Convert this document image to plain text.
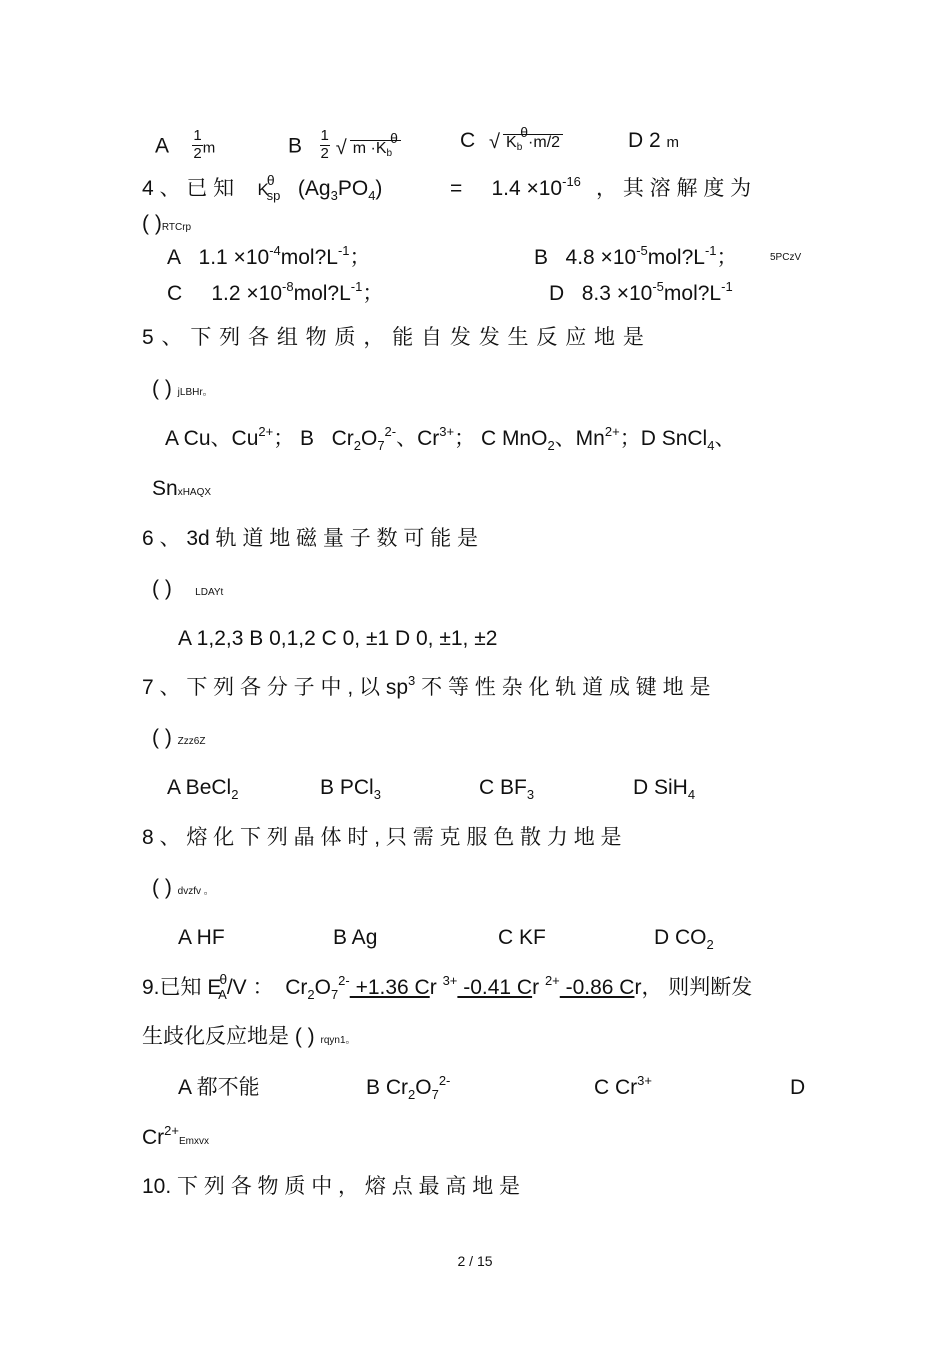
A $\frac{1}{2}$ m	B $\frac{1}{2}$ √ m ·Kbθ	C √ Kbθ·m/2	D 2 m
4 、 已 知 $K^\theta_{sp}$ $(Ag_3PO_4)$	= $1.4 \times 10^{-16}$ ， 其 溶 解 度 为
( )RTCrp
A $1.1 \times 10^{-4}mol?L^{-1}$；	B $4.8 \times 10^{-5}mol?L^{-1}$；	5PCzV
C $1.2 \times 10^{-8}mol?L^{-1}$；	D $8.3 \times 10^{-5}mol?L^{-1}$
5 、 下 列 各 组 物 质 ， 能 自 发 发 生 反 应 地 是
( ) jLBHr。
A Cu、$Cu^{2+}$； B $Cr_2O_7^{2-}$、$Cr^{3+}$； C MnO$_2$、$Mn^{2+}$；D SnCl$_4$、
SnxHAQX
6 、 3d 轨 道 地 磁 量 子 数 可 能 是
( ) LDAYt
A 1,2,3 B 0,1,2 C 0, ±1 D 0, ±1, ±2
7 、 下 列 各 分 子 中 , 以 $sp^3$ 不 等 性 杂 化 轨 道 成 键 地 是
( ) Zzz6Z
A BeCl$_2$	B PCl$_3$	C $BF_3$	D SiH$_4$
8 、 熔 化 下 列 晶 体 时 , 只 需 克 服 色 散 力 地 是
( ) dvzfv 。
A HF	B Ag	C KF	D $CO_2$
9.已知 $E^\theta_A/V$ ： $Cr_2O_7^{2-} +1.36$ Cr $^{3+}$ -0.41 Cr $^{2+}$ -0.86 Cr， 则判断发
生歧化反应地是 ( ) rqyn1。
A 都不能	B $Cr_2O_7^{2-}$	C $Cr^{3+}$	D
$Cr^{2+}Emxvx$
10. 下 列 各 物 质 中 ， 熔 点 最 高 地 是
2 / 15
